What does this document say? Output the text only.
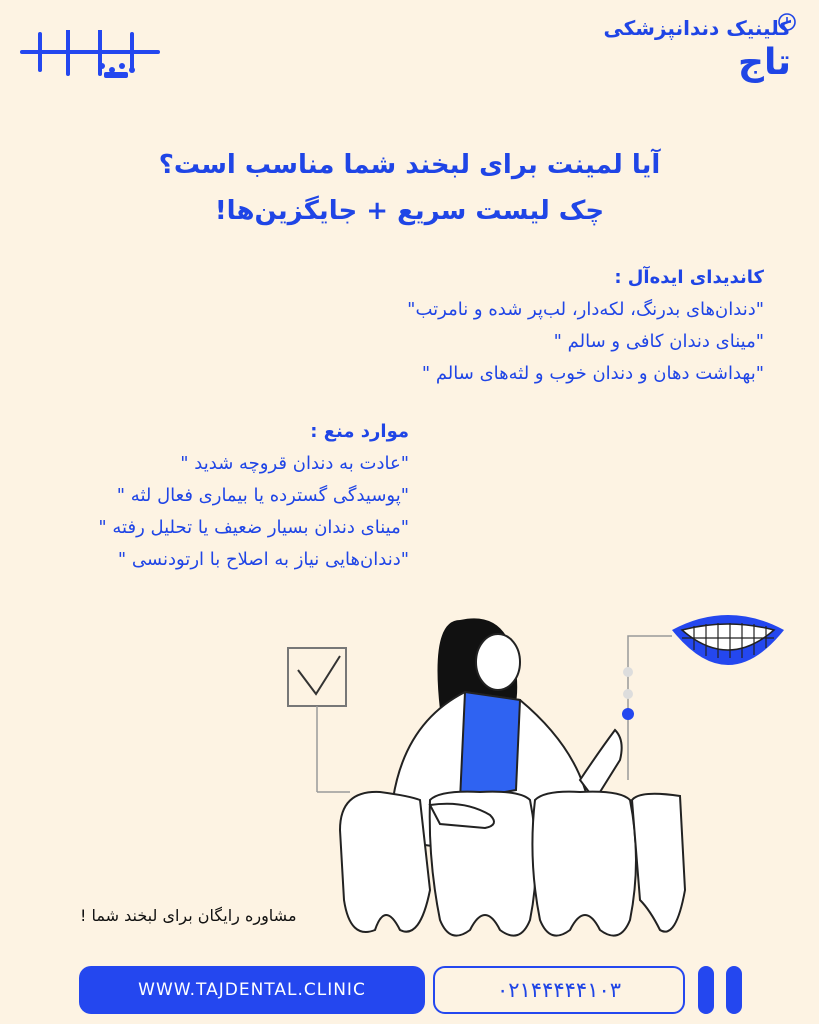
کلینیک دندانپزشکی
تاج
آیا لمینت برای لبخند شما مناسب است؟
چک لیست سریع + جایگزین‌ها!
کاندیدای ایده‌آل :
"دندان‌های بدرنگ، لکه‌دار، لب‌پر شده و نامرتب"
"مینای دندان کافی و سالم "
"بهداشت دهان و دندان خوب و لثه‌های سالم "
موارد منع :
"عادت به دندان قروچه شدید "
"پوسیدگی گسترده یا بیماری فعال لثه "
"مینای دندان بسیار ضعیف یا تحلیل رفته "
"دندان‌هایی نیاز به اصلاح با ارتودنسی "
مشاوره رایگان برای لبخند شما !
WWW.TAJDENTAL.CLINIC	۰۲۱۴۴۴۴۴۱۰۳
